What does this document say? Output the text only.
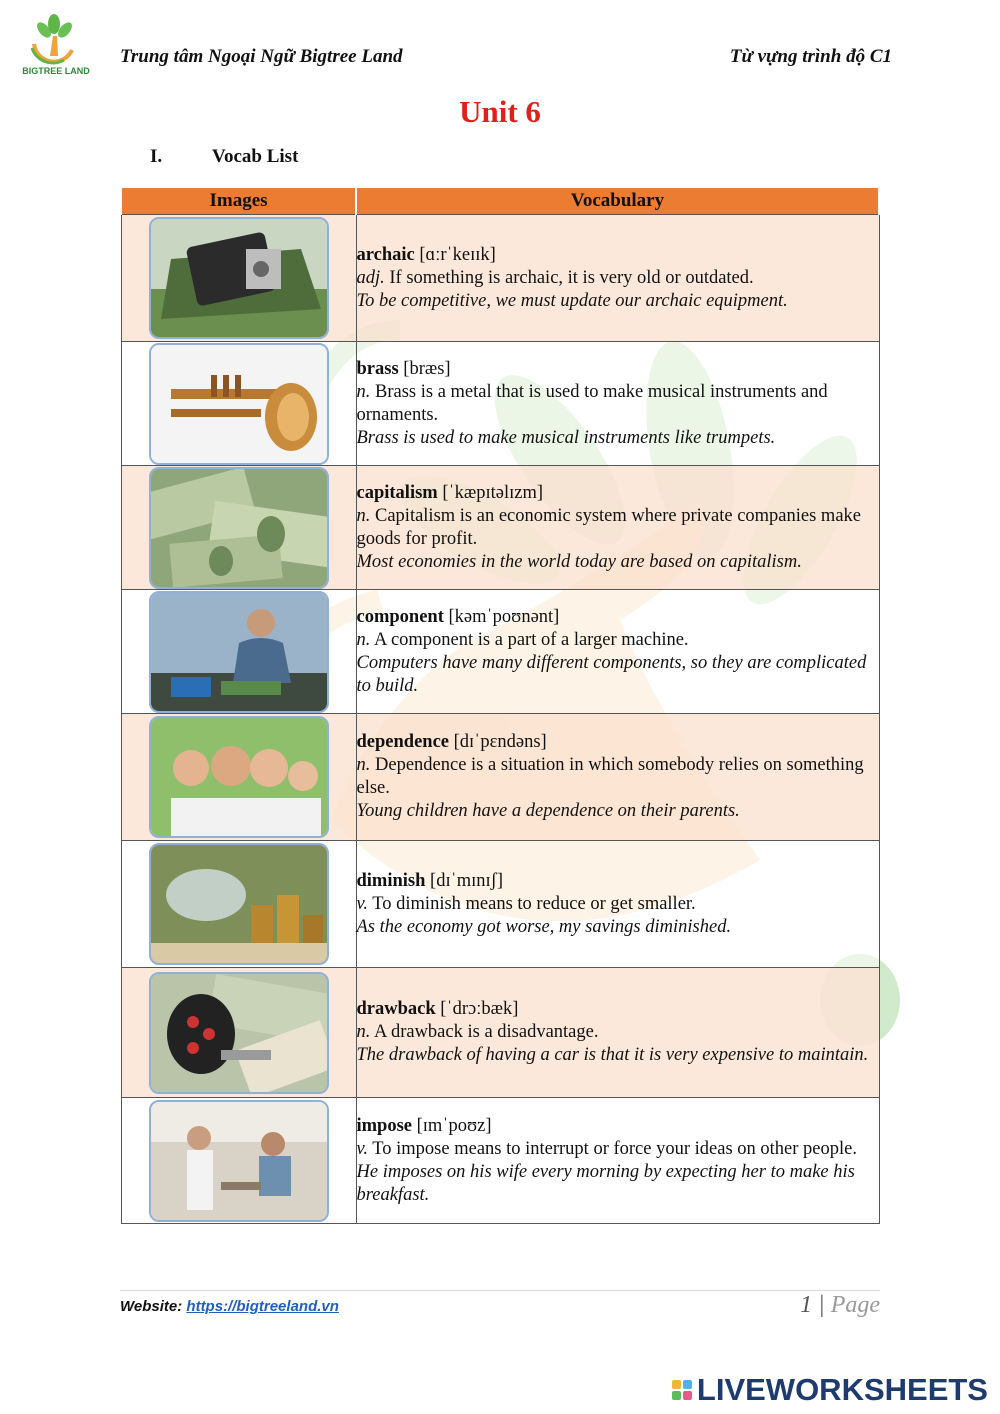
BIGTREE LAND
Trung tâm Ngoại Ngữ Bigtree Land	Từ vựng trình độ C1
Unit 6
I.	Vocab List
Images	Vocabulary

	archaic [ɑːrˈkeɪɪk]
adj. If something is archaic, it is very old or outdated.
To be competitive, we must update our archaic equipment.

	brass [bræs]
n. Brass is a metal that is used to make musical instruments and ornaments.
Brass is used to make musical instruments like trumpets.

	capitalism [ˈkæpɪtəlɪzm]
n. Capitalism is an economic system where private companies make goods for profit.
Most economies in the world today are based on capitalism.

	component [kəmˈpoʊnənt]
n. A component is a part of a larger machine.
Computers have many different components, so they are complicated to build.

	dependence [dɪˈpɛndəns]
n. Dependence is a situation in which somebody relies on something else.
Young children have a dependence on their parents.

	diminish [dɪˈmɪnɪʃ]
v. To diminish means to reduce or get smaller.
As the economy got worse, my savings diminished.

	drawback [ˈdrɔːbæk]
n. A drawback is a disadvantage.
The drawback of having a car is that it is very expensive to maintain.

	impose [ɪmˈpoʊz]
v. To impose means to interrupt or force your ideas on other people.
He imposes on his wife every morning by expecting her to make his breakfast.
Website: https://bigtreeland.vn	1 | Page
LIVEWORKSHEETS
